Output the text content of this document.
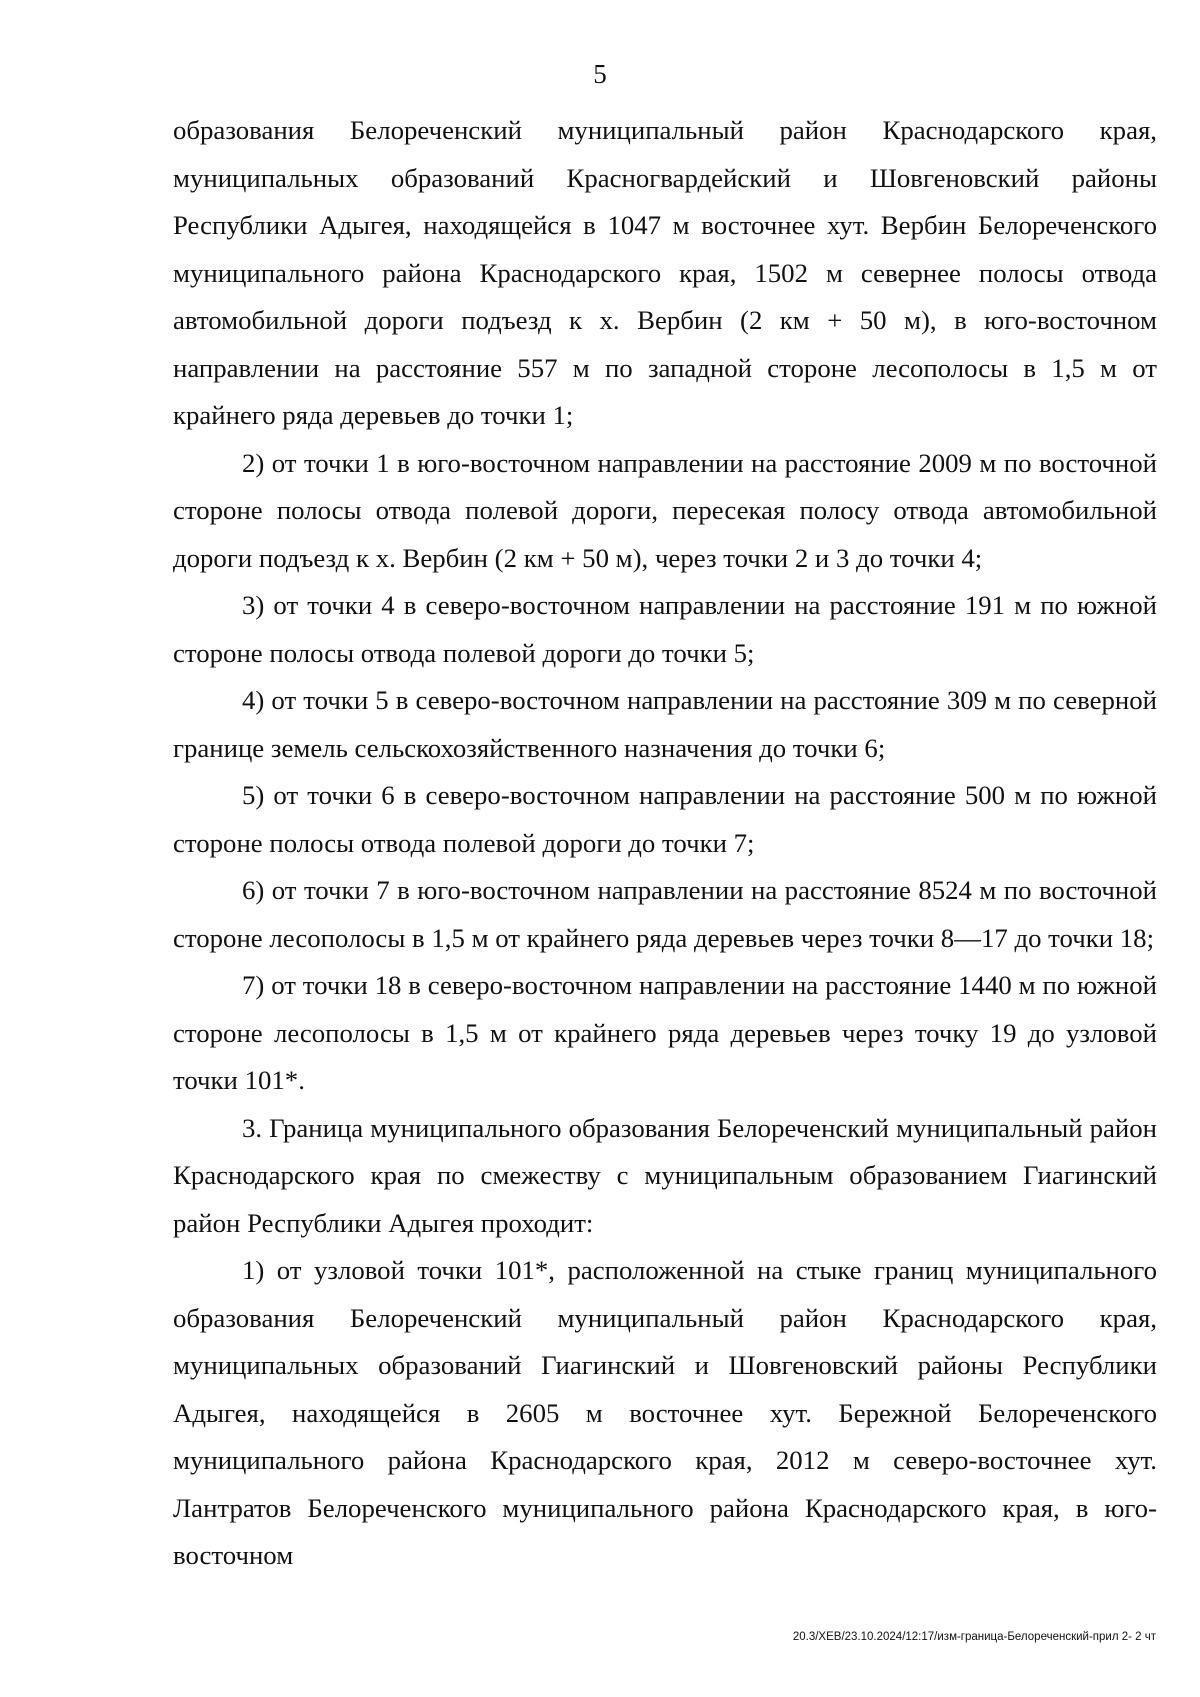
5

образования Белореченский муниципальный район Краснодарского края, муниципальных образований Красногвардейский и Шовгеновский районы Республики Адыгея, находящейся в 1047 м восточнее хут. Вербин Белореченского муниципального района Краснодарского края, 1502 м севернее полосы отвода автомобильной дороги подъезд к х. Вербин (2 км + 50 м), в юго-восточном направлении на расстояние 557 м по западной стороне лесополосы в 1,5 м от крайнего ряда деревьев до точки 1;

2) от точки 1 в юго-восточном направлении на расстояние 2009 м по восточной стороне полосы отвода полевой дороги, пересекая полосу отвода автомобильной дороги подъезд к х. Вербин (2 км + 50 м), через точки 2 и 3 до точки 4;

3) от точки 4 в северо-восточном направлении на расстояние 191 м по южной стороне полосы отвода полевой дороги до точки 5;

4) от точки 5 в северо-восточном направлении на расстояние 309 м по северной границе земель сельскохозяйственного назначения до точки 6;

5) от точки 6 в северо-восточном направлении на расстояние 500 м по южной стороне полосы отвода полевой дороги до точки 7;

6) от точки 7 в юго-восточном направлении на расстояние 8524 м по восточной стороне лесополосы в 1,5 м от крайнего ряда деревьев через точки 8—17 до точки 18;

7) от точки 18 в северо-восточном направлении на расстояние 1440 м по южной стороне лесополосы в 1,5 м от крайнего ряда деревьев через точку 19 до узловой точки 101*.

3. Граница муниципального образования Белореченский муниципальный район Краснодарского края по смежеству с муниципальным образованием Гиагинский район Республики Адыгея проходит:

1) от узловой точки 101*, расположенной на стыке границ муниципального образования Белореченский муниципальный район Краснодарского края, муниципальных образований Гиагинский и Шовгеновский районы Республики Адыгея, находящейся в 2605 м восточнее хут. Бережной Белореченского муниципального района Краснодарского края, 2012 м северо-восточнее хут. Лантратов Белореченского муниципального района Краснодарского края, в юго-восточном

20.3/ХЕВ/23.10.2024/12:17/изм-граница-Белореченский-прил 2- 2 чт
